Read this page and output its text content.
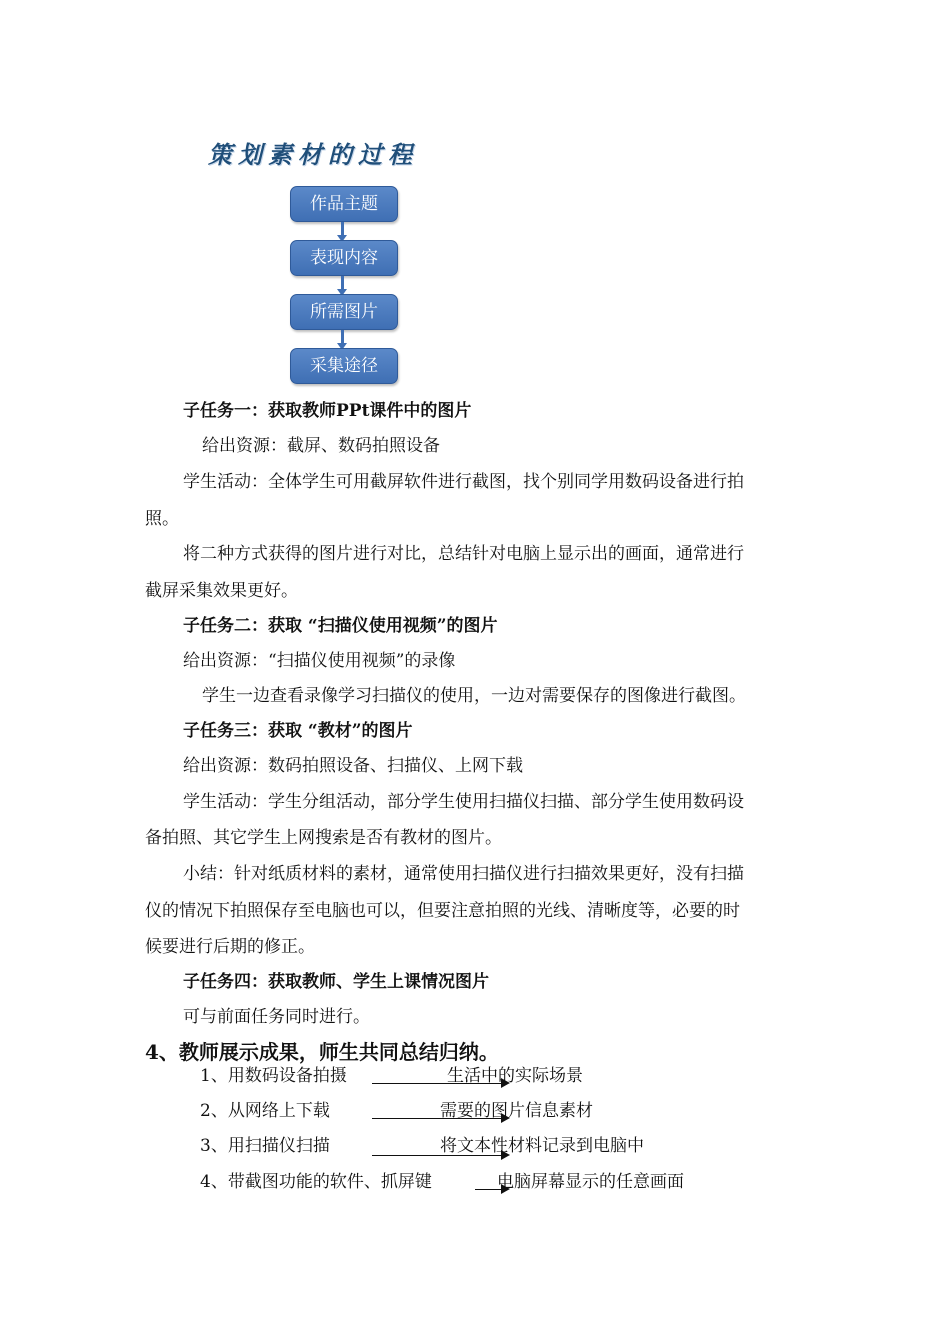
策划素材的过程
作品主题
表现内容
所需图片
采集途径
子任务一：获取教师PPt课件中的图片
给出资源：截屏、数码拍照设备
学生活动：全体学生可用截屏软件进行截图，找个别同学用数码设备进行拍
照。
将二种方式获得的图片进行对比，总结针对电脑上显示出的画面，通常进行
截屏采集效果更好。
子任务二：获取 “扫描仪使用视频”的图片
给出资源：“扫描仪使用视频”的录像
学生一边查看录像学习扫描仪的使用，一边对需要保存的图像进行截图。
子任务三：获取 “教材”的图片
给出资源：数码拍照设备、扫描仪、上网下载
学生活动：学生分组活动，部分学生使用扫描仪扫描、部分学生使用数码设
备拍照、其它学生上网搜索是否有教材的图片。
小结：针对纸质材料的素材，通常使用扫描仪进行扫描效果更好，没有扫描
仪的情况下拍照保存至电脑也可以，但要注意拍照的光线、清晰度等，必要的时
候要进行后期的修正。
子任务四：获取教师、学生上课情况图片
可与前面任务同时进行。
4、教师展示成果，师生共同总结归纳。
1、用数码设备拍摄	生活中的实际场景
2、从网络上下载	需要的图片信息素材
3、用扫描仪扫描	将文本性材料记录到电脑中
4、带截图功能的软件、抓屏键	电脑屏幕显示的任意画面
